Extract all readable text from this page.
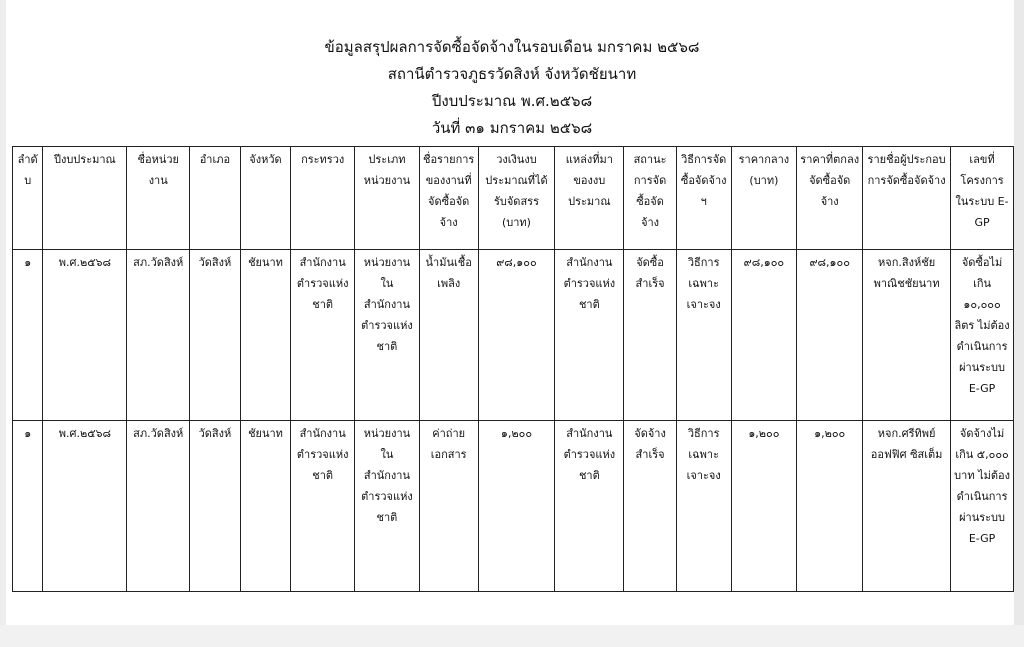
ข้อมูลสรุปผลการจัดซื้อจัดจ้างในรอบเดือน มกราคม ๒๕๖๘
สถานีตำรวจภูธรวัดสิงห์ จังหวัดชัยนาท
ปีงบประมาณ พ.ศ.๒๕๖๘
วันที่ ๓๑ มกราคม ๒๕๖๘
ลำดับ	ปีงบประมาณ	ชื่อหน่วยงาน	อำเภอ	จังหวัด	กระทรวง	ประเภทหน่วยงาน	ชื่อรายการของงานที่จัดซื้อจัดจ้าง	วงเงินงบประมาณที่ได้รับจัดสรร (บาท)	แหล่งที่มาของงบประมาณ	สถานะการจัดซื้อจัดจ้าง	วิธีการจัดซื้อจัดจ้าง ฯ	ราคากลาง (บาท)	ราคาที่ตกลงจัดซื้อจัดจ้าง	รายชื่อผู้ประกอบการจัดซื้อจัดจ้าง	เลขที่โครงการในระบบ E-GP
๑	พ.ศ.๒๕๖๘	สภ.วัดสิงห์	วัดสิงห์	ชัยนาท	สำนักงานตำรวจแห่งชาติ	หน่วยงานในสำนักงานตำรวจแห่งชาติ	น้ำมันเชื้อเพลิง	๙๘,๑๐๐	สำนักงานตำรวจแห่งชาติ	จัดซื้อสำเร็จ	วิธีการเฉพาะเจาะจง	๙๘,๑๐๐	๙๘,๑๐๐	หจก.สิงห์ชัยพาณิชชัยนาท	จัดซื้อไม่เกิน ๑๐,๐๐๐ ลิตร ไม่ต้องดำเนินการผ่านระบบ E-GP
๑	พ.ศ.๒๕๖๘	สภ.วัดสิงห์	วัดสิงห์	ชัยนาท	สำนักงานตำรวจแห่งชาติ	หน่วยงานในสำนักงานตำรวจแห่งชาติ	ค่าถ่ายเอกสาร	๑,๒๐๐	สำนักงานตำรวจแห่งชาติ	จัดจ้างสำเร็จ	วิธีการเฉพาะเจาะจง	๑,๒๐๐	๑,๒๐๐	หจก.ศรีทิพย์ออฟฟิศ ซิสเต็ม	จัดจ้างไม่เกิน ๕,๐๐๐ บาท ไม่ต้องดำเนินการผ่านระบบ E-GP
